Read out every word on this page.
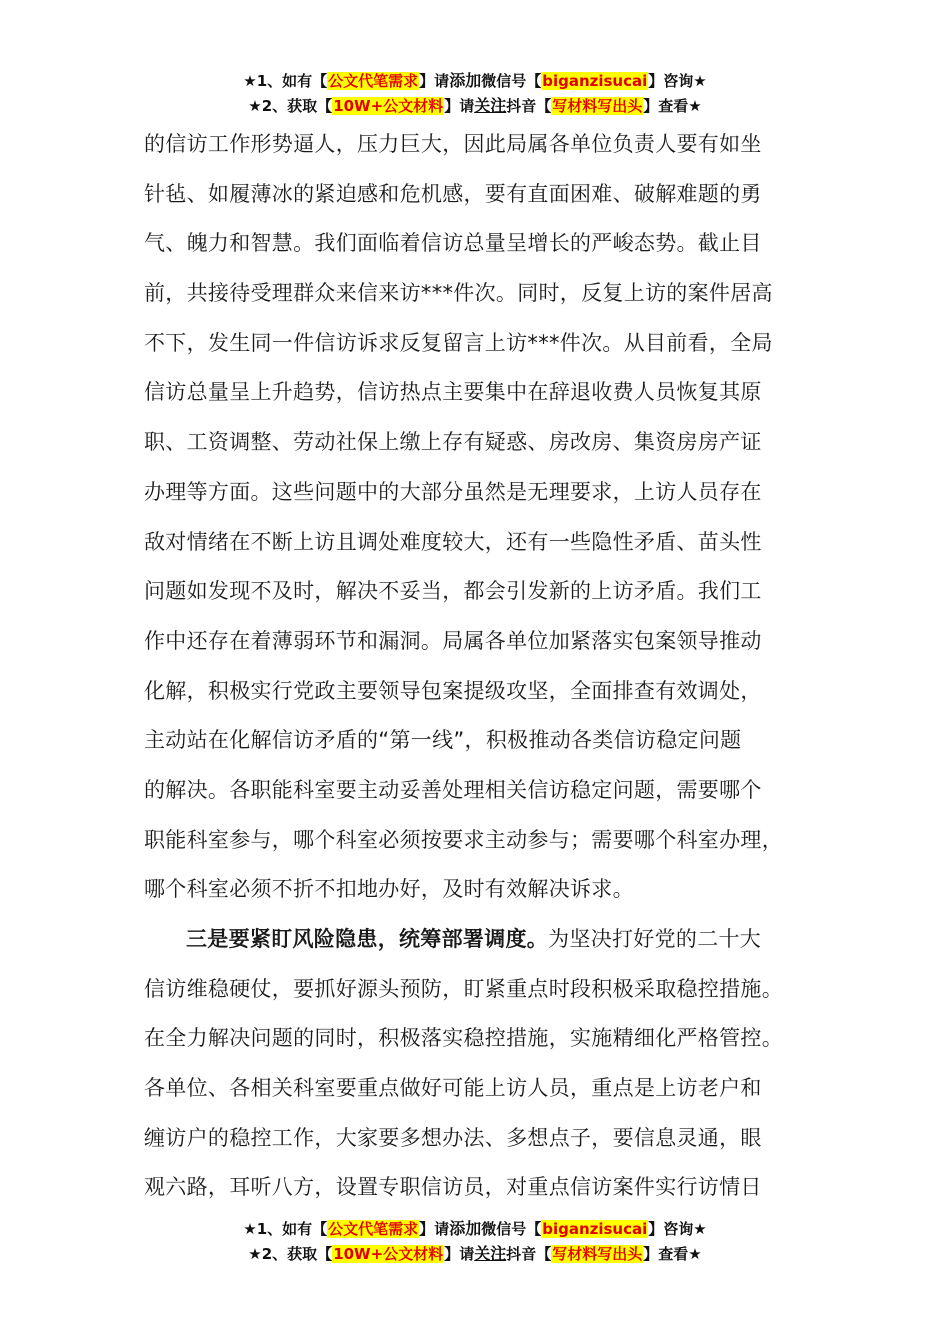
★1、如有【公文代笔需求】请添加微信号【biganzisucai】咨询★
★2、获取【10W+公文材料】请关注抖音【写材料写出头】查看★
的信访工作形势逼人，压力巨大，因此局属各单位负责人要有如坐
针毡、如履薄冰的紧迫感和危机感，要有直面困难、破解难题的勇
气、魄力和智慧。我们面临着信访总量呈增长的严峻态势。截止目
前，共接待受理群众来信来访***件次。同时，反复上访的案件居高
不下，发生同一件信访诉求反复留言上访***件次。从目前看，全局
信访总量呈上升趋势，信访热点主要集中在辞退收费人员恢复其原
职、工资调整、劳动社保上缴上存有疑惑、房改房、集资房房产证
办理等方面。这些问题中的大部分虽然是无理要求，上访人员存在
敌对情绪在不断上访且调处难度较大，还有一些隐性矛盾、苗头性
问题如发现不及时，解决不妥当，都会引发新的上访矛盾。我们工
作中还存在着薄弱环节和漏洞。局属各单位加紧落实包案领导推动
化解，积极实行党政主要领导包案提级攻坚，全面排查有效调处，
主动站在化解信访矛盾的“第一线”，积极推动各类信访稳定问题
的解决。各职能科室要主动妥善处理相关信访稳定问题，需要哪个
职能科室参与，哪个科室必须按要求主动参与；需要哪个科室办理，
哪个科室必须不折不扣地办好，及时有效解决诉求。
三是要紧盯风险隐患，统筹部署调度。为坚决打好党的二十大
信访维稳硬仗，要抓好源头预防，盯紧重点时段积极采取稳控措施。
在全力解决问题的同时，积极落实稳控措施，实施精细化严格管控。
各单位、各相关科室要重点做好可能上访人员，重点是上访老户和
缠访户的稳控工作，大家要多想办法、多想点子，要信息灵通，眼
观六路，耳听八方，设置专职信访员，对重点信访案件实行访情日
★1、如有【公文代笔需求】请添加微信号【biganzisucai】咨询★
★2、获取【10W+公文材料】请关注抖音【写材料写出头】查看★
